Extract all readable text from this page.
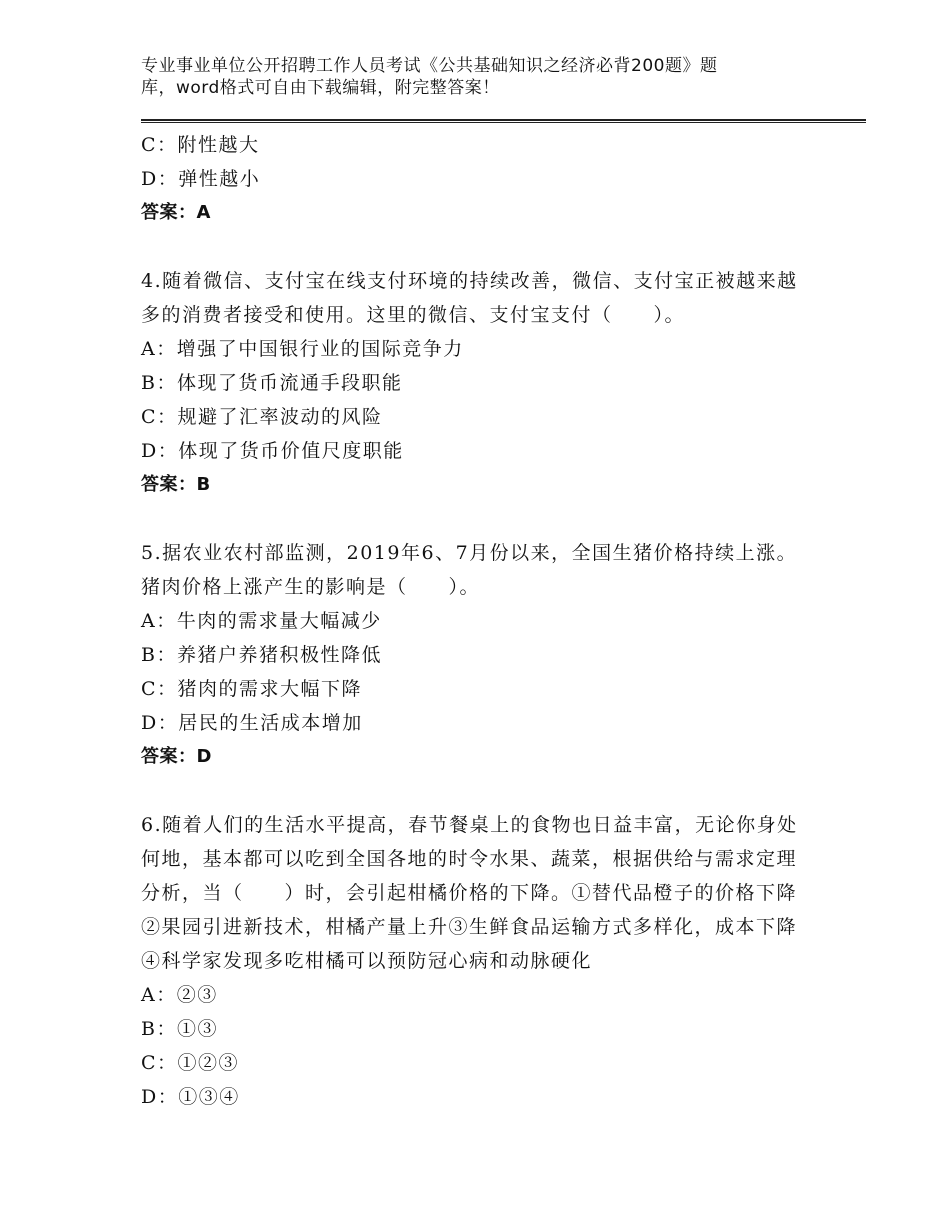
专业事业单位公开招聘工作人员考试《公共基础知识之经济必背200题》题
库，word格式可自由下载编辑，附完整答案！
C：附性越大
D：弹性越小
答案：A
4.随着微信、支付宝在线支付环境的持续改善，微信、支付宝正被越来越多的消费者接受和使用。这里的微信、支付宝支付（　　）。
A：增强了中国银行业的国际竞争力
B：体现了货币流通手段职能
C：规避了汇率波动的风险
D：体现了货币价值尺度职能
答案：B
5.据农业农村部监测，2019年6、7月份以来，全国生猪价格持续上涨。猪肉价格上涨产生的影响是（　　）。
A：牛肉的需求量大幅减少
B：养猪户养猪积极性降低
C：猪肉的需求大幅下降
D：居民的生活成本增加
答案：D
6.随着人们的生活水平提高，春节餐桌上的食物也日益丰富，无论你身处何地，基本都可以吃到全国各地的时令水果、蔬菜，根据供给与需求定理分析，当（　　）时，会引起柑橘价格的下降。①替代品橙子的价格下降②果园引进新技术，柑橘产量上升③生鲜食品运输方式多样化，成本下降④科学家发现多吃柑橘可以预防冠心病和动脉硬化
A：②③
B：①③
C：①②③
D：①③④
